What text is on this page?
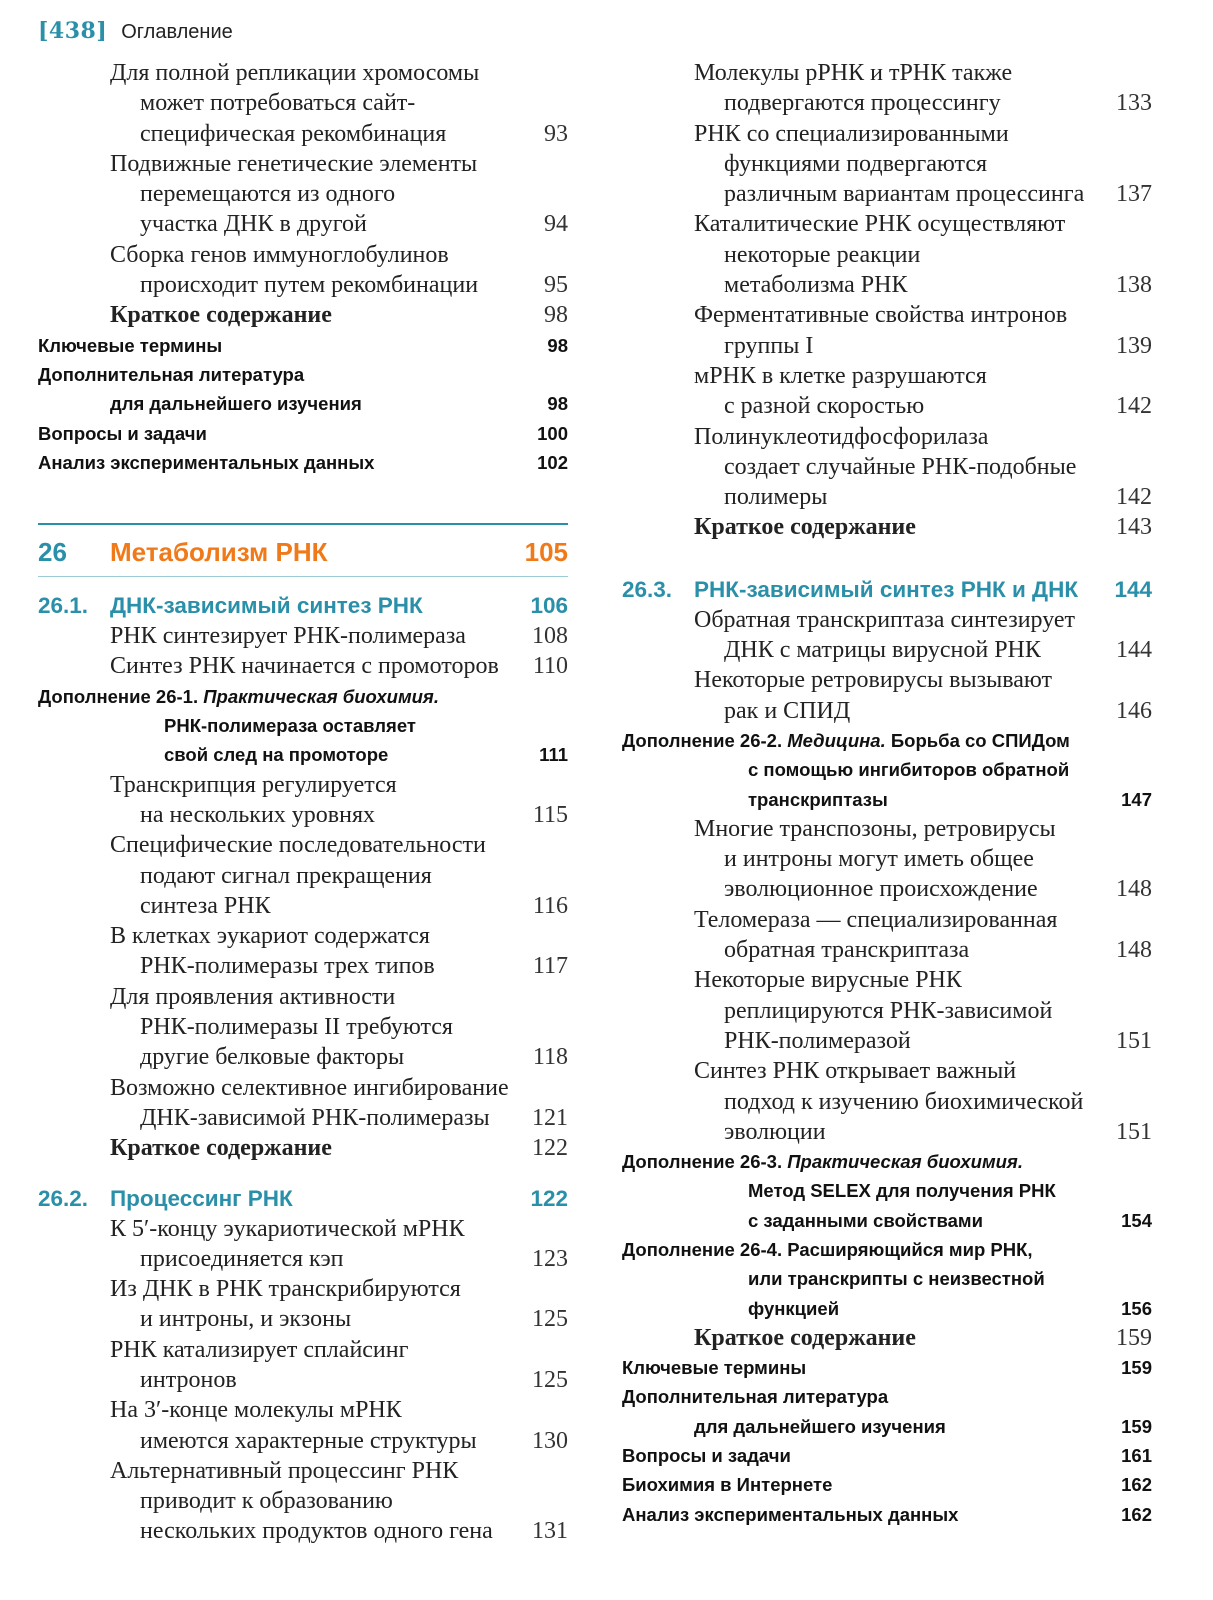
[438] Оглавление
Для полной репликации хромосомы
может потребоваться сайт-
специфическая рекомбинация	93
Подвижные генетические элементы
перемещаются из одного
участка ДНК в другой	94
Сборка генов иммуноглобулинов
происходит путем рекомбинации	95
Краткое содержание	98
Ключевые термины	98
Дополнительная литература
для дальнейшего изучения	98
Вопросы и задачи	100
Анализ экспериментальных данных	102
26	Метаболизм РНК	105
26.1. ДНК-зависимый синтез РНК	106
РНК синтезирует РНК-полимераза	108
Синтез РНК начинается с промоторов	110
Дополнение 26-1. Практическая биохимия.
РНК-полимераза оставляет
свой след на промоторе	111
Транскрипция регулируется
на нескольких уровнях	115
Специфические последовательности
подают сигнал прекращения
синтеза РНК	116
В клетках эукариот содержатся
РНК-полимеразы трех типов	117
Для проявления активности
РНК-полимеразы II требуются
другие белковые факторы	118
Возможно селективное ингибирование
ДНК-зависимой РНК-полимеразы	121
Краткое содержание	122
26.2. Процессинг РНК	122
К 5′-концу эукариотической мРНК
присоединяется кэп	123
Из ДНК в РНК транскрибируются
и интроны, и экзоны	125
РНК катализирует сплайсинг
интронов	125
На 3′-конце молекулы мРНК
имеются характерные структуры	130
Альтернативный процессинг РНК
приводит к образованию
нескольких продуктов одного гена	131
Молекулы рРНК и тРНК также
подвергаются процессингу	133
РНК со специализированными
функциями подвергаются
различным вариантам процессинга	137
Каталитические РНК осуществляют
некоторые реакции
метаболизма РНК	138
Ферментативные свойства интронов
группы I	139
мРНК в клетке разрушаются
с разной скоростью	142
Полинуклеотидфосфорилаза
создает случайные РНК-подобные
полимеры	142
Краткое содержание	143
26.3. РНК-зависимый синтез РНК и ДНК	144
Обратная транскриптаза синтезирует
ДНК с матрицы вирусной РНК	144
Некоторые ретровирусы вызывают
рак и СПИД	146
Дополнение 26-2. Медицина. Борьба со СПИДом
с помощью ингибиторов обратной
транскриптазы	147
Многие транспозоны, ретровирусы
и интроны могут иметь общее
эволюционное происхождение	148
Теломераза — специализированная
обратная транскриптаза	148
Некоторые вирусные РНК
реплицируются РНК-зависимой
РНК-полимеразой	151
Синтез РНК открывает важный
подход к изучению биохимической
эволюции	151
Дополнение 26-3. Практическая биохимия.
Метод SELEX для получения РНК
с заданными свойствами	154
Дополнение 26-4. Расширяющийся мир РНК,
или транскрипты с неизвестной
функцией	156
Краткое содержание	159
Ключевые термины	159
Дополнительная литература
для дальнейшего изучения	159
Вопросы и задачи	161
Биохимия в Интернете	162
Анализ экспериментальных данных	162
